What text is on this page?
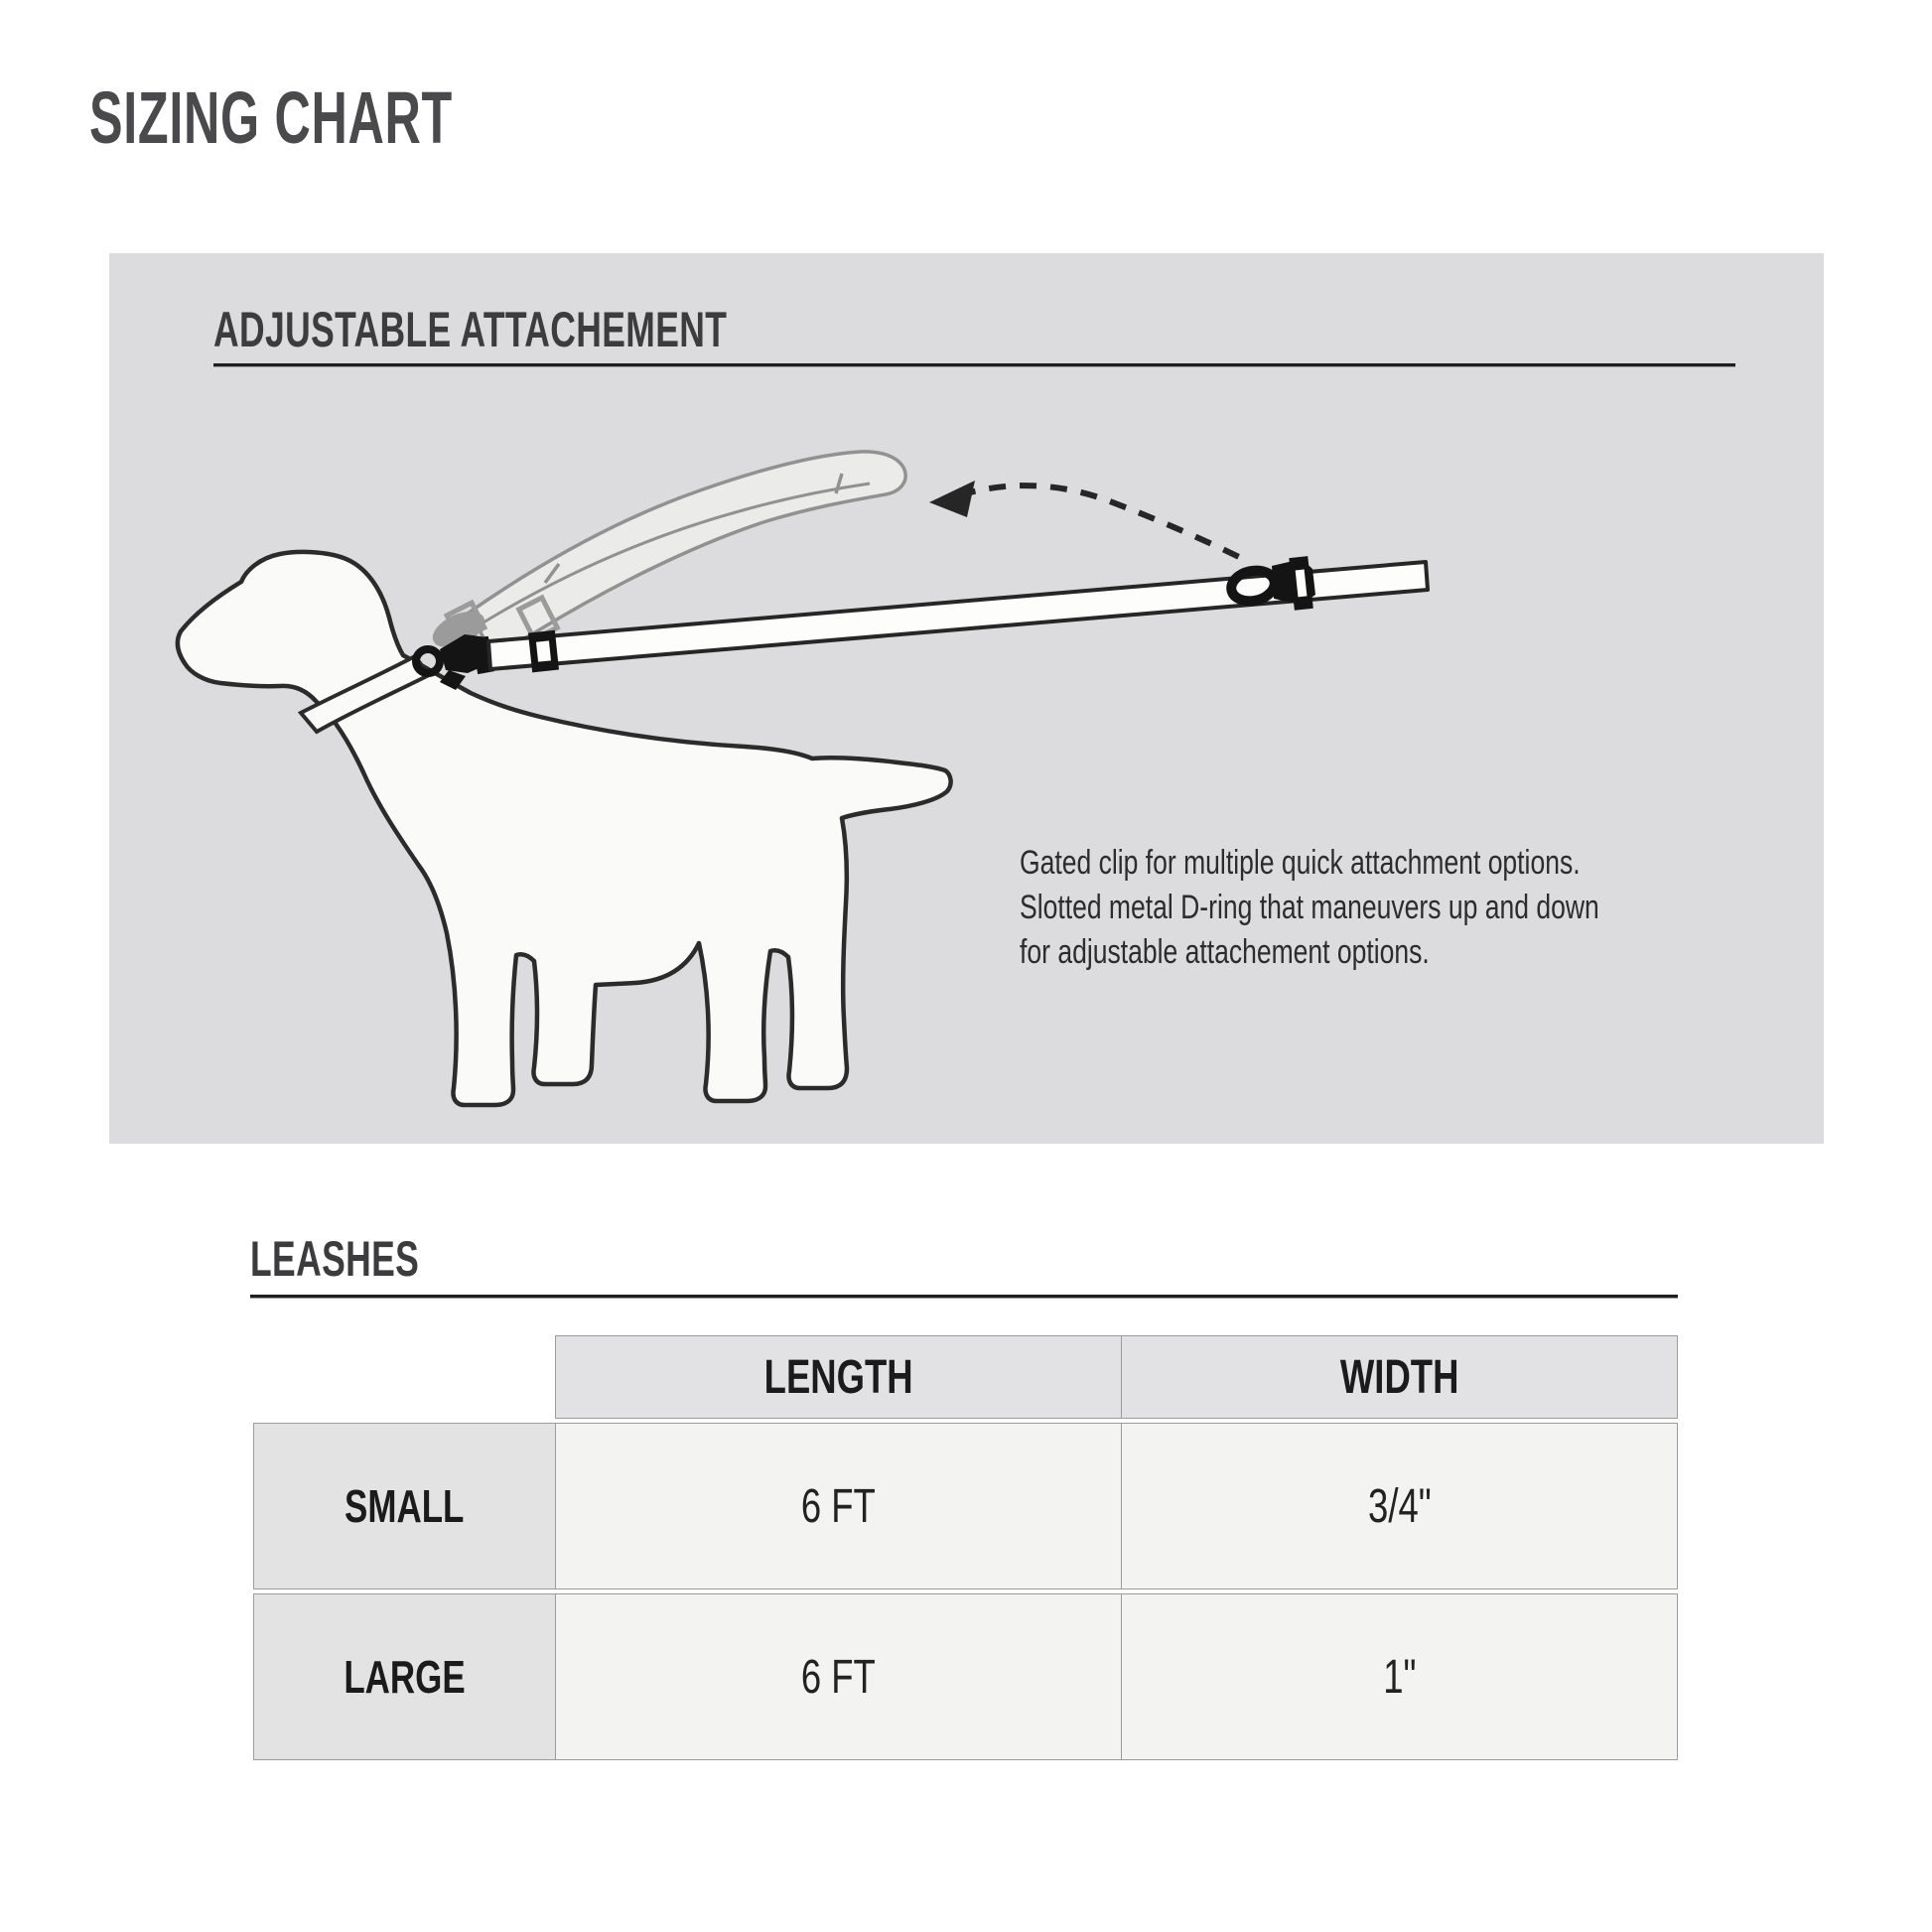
SIZING CHART
ADJUSTABLE ATTACHEMENT
Gated clip for multiple quick attachment options.
Slotted metal D-ring that maneuvers up and down
for adjustable attachement options.
LEASHES
LENGTH	WIDTH
SMALL	6 FT	3/4"
LARGE	6 FT	1"
